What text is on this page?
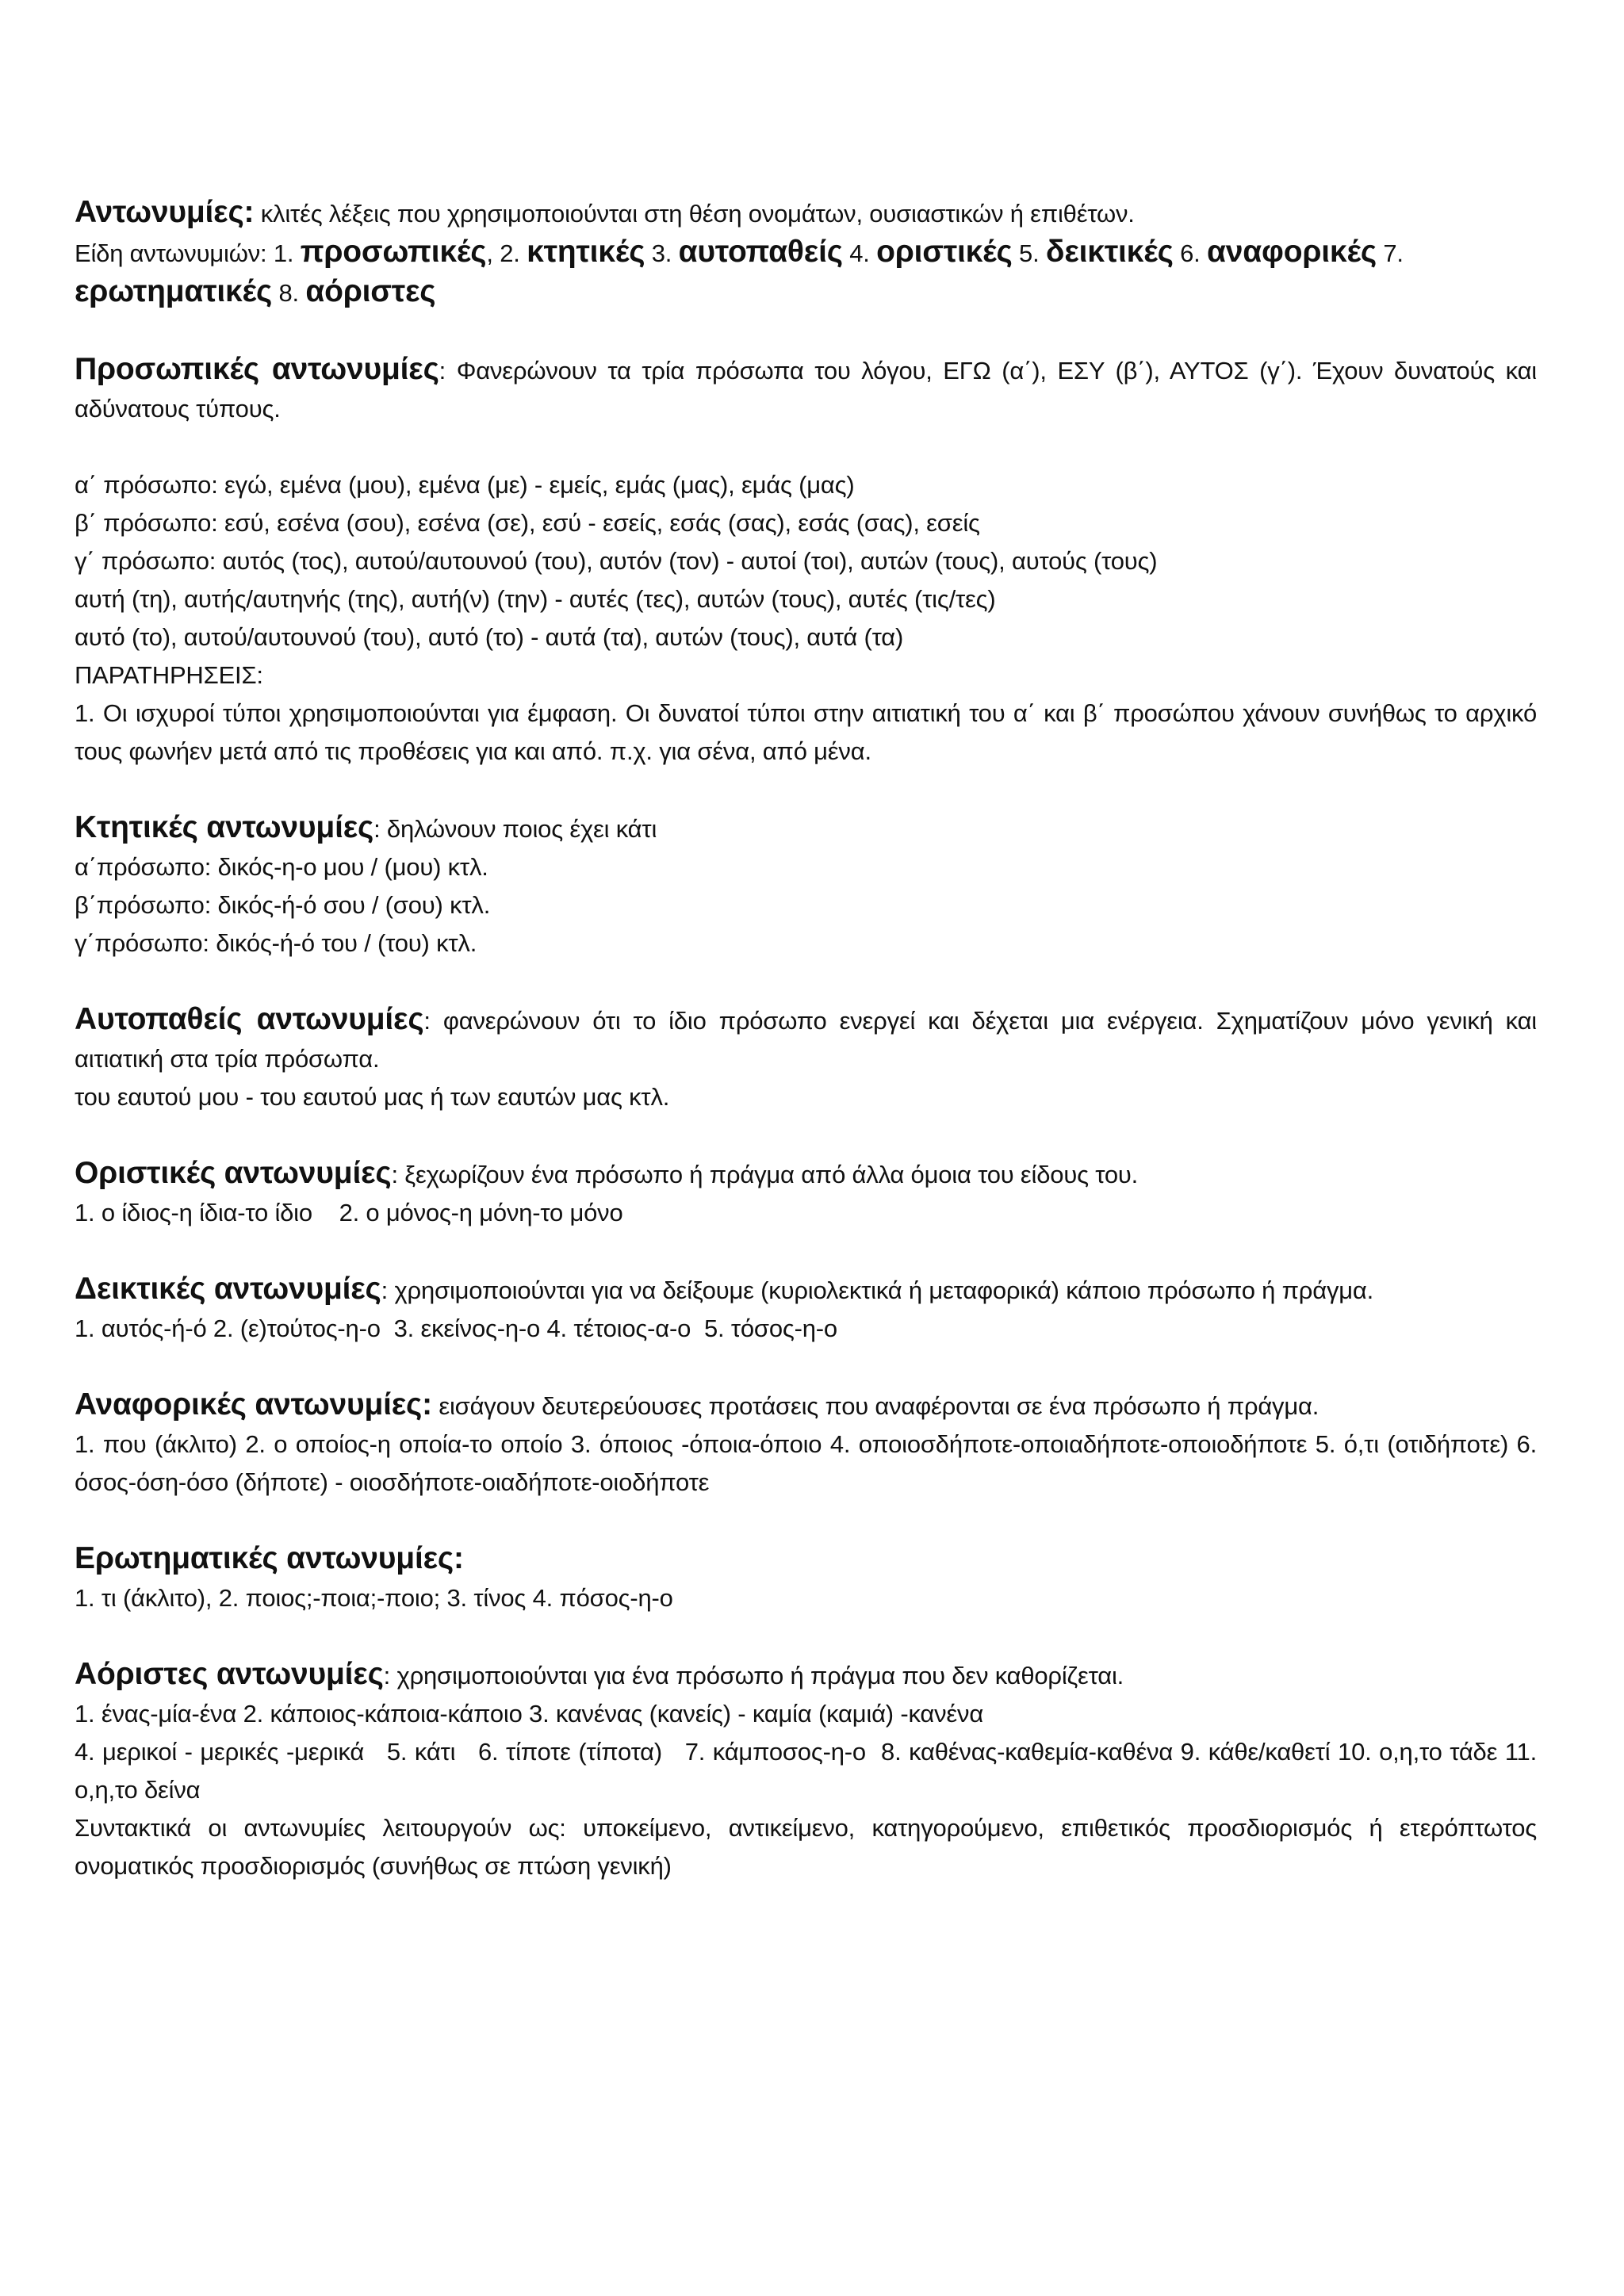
Αντωνυμίες: κλιτές λέξεις που χρησιμοποιούνται στη θέση ονομάτων, ουσιαστικών ή επιθέτων.

Είδη αντωνυμιών: 1. προσωπικές, 2. κτητικές 3. αυτοπαθείς 4. οριστικές 5. δεικτικές 6. αναφορικές 7. ερωτηματικές 8. αόριστες

Προσωπικές αντωνυμίες: Φανερώνουν τα τρία πρόσωπα του λόγου, ΕΓΩ (α΄), ΕΣΥ (β΄), ΑΥΤΟΣ (γ΄). Έχουν δυνατούς και αδύνατους τύπους.

α΄ πρόσωπο: εγώ, εμένα (μου), εμένα (με) - εμείς, εμάς (μας), εμάς (μας)

β΄ πρόσωπο: εσύ, εσένα (σου), εσένα (σε), εσύ - εσείς, εσάς (σας), εσάς (σας), εσείς

γ΄ πρόσωπο: αυτός (τος), αυτού/αυτουνού (του), αυτόν (τον) - αυτοί (τοι), αυτών (τους), αυτούς (τους)

αυτή (τη), αυτής/αυτηνής (της), αυτή(ν) (την) - αυτές (τες), αυτών (τους), αυτές (τις/τες)

αυτό (το), αυτού/αυτουνού (του), αυτό (το) - αυτά (τα), αυτών (τους), αυτά (τα)

ΠΑΡΑΤΗΡΗΣΕΙΣ:

1. Οι ισχυροί τύποι χρησιμοποιούνται για έμφαση. Οι δυνατοί τύποι στην αιτιατική του α΄ και β΄ προσώπου χάνουν συνήθως το αρχικό τους φωνήεν μετά από τις προθέσεις για και από. π.χ. για σένα, από μένα.

Κτητικές αντωνυμίες: δηλώνουν ποιος έχει κάτι

α΄πρόσωπο: δικός-η-ο μου / (μου) κτλ.

β΄πρόσωπο: δικός-ή-ό σου / (σου) κτλ.

γ΄πρόσωπο: δικός-ή-ό του / (του) κτλ.

Αυτοπαθείς αντωνυμίες: φανερώνουν ότι το ίδιο πρόσωπο ενεργεί και δέχεται μια ενέργεια. Σχηματίζουν μόνο γενική και αιτιατική στα τρία πρόσωπα.

του εαυτού μου - του εαυτού μας ή των εαυτών μας κτλ.

Οριστικές αντωνυμίες: ξεχωρίζουν ένα πρόσωπο ή πράγμα από άλλα όμοια του είδους του.

1. ο ίδιος-η ίδια-το ίδιο    2. ο μόνος-η μόνη-το μόνο

Δεικτικές αντωνυμίες: χρησιμοποιούνται για να δείξουμε (κυριολεκτικά ή μεταφορικά) κάποιο πρόσωπο ή πράγμα.

1. αυτός-ή-ό 2. (ε)τούτος-η-ο  3. εκείνος-η-ο 4. τέτοιος-α-ο  5. τόσος-η-ο

Αναφορικές αντωνυμίες: εισάγουν δευτερεύουσες προτάσεις που αναφέρονται σε ένα πρόσωπο ή πράγμα.

1. που (άκλιτο) 2. ο οποίος-η οποία-το οποίο 3. όποιος -όποια-όποιο 4. οποιοσδήποτε-οποιαδήποτε-οποιοδήποτε 5. ό,τι (οτιδήποτε) 6. όσος-όση-όσο (δήποτε) - οιοσδήποτε-οιαδήποτε-οιοδήποτε

Ερωτηματικές αντωνυμίες:

1. τι (άκλιτο), 2. ποιος;-ποια;-ποιο; 3. τίνος 4. πόσος-η-ο

Αόριστες αντωνυμίες: χρησιμοποιούνται για ένα πρόσωπο ή πράγμα που δεν καθορίζεται.

1. ένας-μία-ένα 2. κάποιος-κάποια-κάποιο 3. κανένας (κανείς) - καμία (καμιά) -κανένα

4. μερικοί - μερικές -μερικά   5. κάτι   6. τίποτε (τίποτα)   7. κάμποσος-η-ο  8. καθένας-καθεμία-καθένα 9. κάθε/καθετί 10. ο,η,το τάδε 11. ο,η,το δείνα

Συντακτικά οι αντωνυμίες λειτουργούν ως: υποκείμενο, αντικείμενο, κατηγορούμενο, επιθετικός προσδιορισμός ή ετερόπτωτος ονοματικός προσδιορισμός (συνήθως σε πτώση γενική)
